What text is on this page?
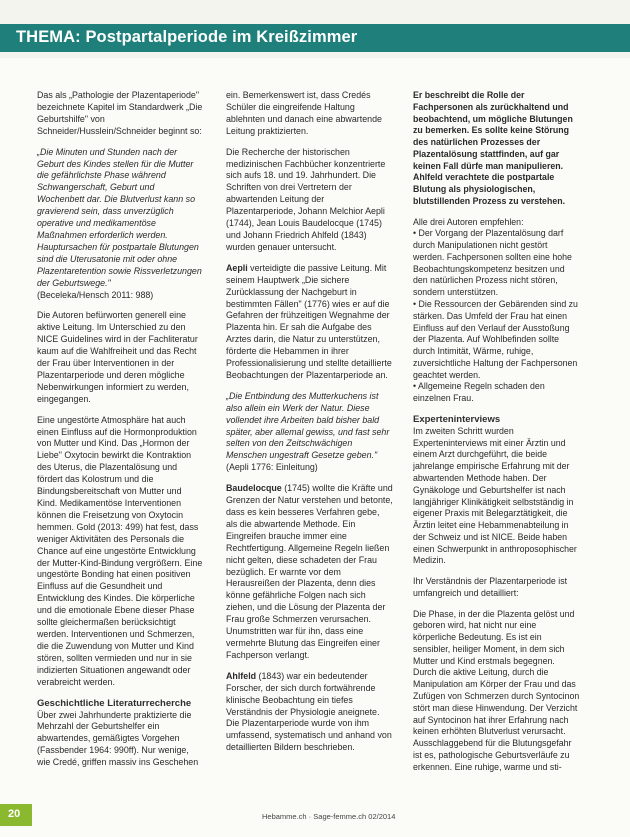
THEMA: Postpartalperiode im Kreißzimmer

Das als „Pathologie der Plazentaperiode" bezeichnete Kapitel im Standardwerk „Die Geburtshilfe" von Schneider/Husslein/Schneider beginnt so:

„Die Minuten und Stunden nach der Geburt des Kindes stellen für die Mutter die gefährlichste Phase während Schwangerschaft, Geburt und Wochenbett dar. Die Blutverlust kann so gravierend sein, dass unverzüglich operative und medikamentöse Maßnahmen erforderlich werden. Hauptursachen für postpartale Blutungen sind die Uterusatonie mit oder ohne Plazentaretention sowie Rissverletzungen der Geburtswege."

(Beceleka/Hensch 2011: 988)

Die Autoren befürworten generell eine aktive Leitung. Im Unterschied zu den NICE Guidelines wird in der Fachliteratur kaum auf die Wahlfreiheit und das Recht der Frau über Interventionen in der Plazentarperiode und deren mögliche Nebenwirkungen informiert zu werden, eingegangen.

Eine ungestörte Atmosphäre hat auch einen Einfluss auf die Hormonproduktion von Mutter und Kind. Das „Hormon der Liebe" Oxytocin bewirkt die Kontraktion des Uterus, die Plazentalösung und fördert das Kolostrum und die Bindungsbereitschaft von Mutter und Kind. Medikamentöse Interventionen können die Freisetzung von Oxytocin hemmen. Gold (2013: 499) hat fest, dass weniger Aktivitäten des Personals die Chance auf eine ungestörte Entwicklung der Mutter-Kind-Bindung vergrößern. Eine ungestörte Bonding hat einen positiven Einfluss auf die Gesundheit und Entwicklung des Kindes. Die körperliche und die emotionale Ebene dieser Phase sollte gleichermaßen berücksichtigt werden. Interventionen und Schmerzen, die die Zuwendung von Mutter und Kind stören, sollten vermieden und nur in sie indizierten Situationen angewandt oder verabreicht werden.

Geschichtliche Literaturrecherche

Über zwei Jahrhunderte praktizierte die Mehrzahl der Geburtshelfer ein abwartendes, gemäßigtes Vorgehen (Fassbender 1964: 990ff). Nur wenige, wie Credé, griffen massiv ins Geschehen

ein. Bemerkenswert ist, dass Credés Schüler die eingreifende Haltung ablehnten und danach eine abwartende Leitung praktizierten.

Die Recherche der historischen medizinischen Fachbücher konzentrierte sich aufs 18. und 19. Jahrhundert. Die Schriften von drei Vertretern der abwartenden Leitung der Plazentarperiode, Johann Melchior Aepli (1744), Jean Louis Baudelocque (1745) und Johann Friedrich Ahlfeld (1843) wurden genauer untersucht.

Aepli verteidigte die passive Leitung. Mit seinem Hauptwerk „Die sichere Zurücklassung der Nachgeburt in bestimmten Fällen" (1776) wies er auf die Gefahren der frühzeitigen Wegnahme der Plazenta hin. Er sah die Aufgabe des Arztes darin, die Natur zu unterstützen, förderte die Hebammen in ihrer Professionalisierung und stellte detaillierte Beobachtungen der Plazentarperiode an.

„Die Entbindung des Mutterkuchens ist also allein ein Werk der Natur. Diese vollendet ihre Arbeiten bald bisher bald später, aber allemal gewiss, und fast sehr selten von den Zeitschwächigen Menschen ungestraft Gesetze geben."

(Aepli 1776: Einleitung)

Baudelocque (1745) wollte die Kräfte und Grenzen der Natur verstehen und betonte, dass es kein besseres Verfahren gebe, als die abwartende Methode. Ein Eingreifen brauche immer eine Rechtfertigung. Allgemeine Regeln ließen nicht gelten, diese schadeten der Frau bezüglich. Er warnte vor dem Herausreißen der Plazenta, denn dies könne gefährliche Folgen nach sich ziehen, und die Lösung der Plazenta der Frau große Schmerzen verursachen. Unumstritten war für ihn, dass eine vermehrte Blutung das Eingreifen einer Fachperson verlangt.

Ahlfeld (1843) war ein bedeutender Forscher, der sich durch fortwährende klinische Beobachtung ein tiefes Verständnis der Physiologie aneignete. Die Plazentarperiode wurde von ihm umfassend, systematisch und anhand von detaillierten Bildern beschrieben.

Er beschreibt die Rolle der Fachpersonen als zurückhaltend und beobachtend, um mögliche Blutungen zu bemerken. Es sollte keine Störung des natürlichen Prozesses der Plazentalösung stattfinden, auf gar keinen Fall dürfe man manipulieren. Ahlfeld verachtete die postpartale Blutung als physiologischen, blutstillenden Prozess zu verstehen.

Alle drei Autoren empfehlen:

• Der Vorgang der Plazentalösung darf durch Manipulationen nicht gestört werden. Fachpersonen sollten eine hohe Beobachtungskompetenz besitzen und den natürlichen Prozess nicht stören, sondern unterstützen.
• Die Ressourcen der Gebärenden sind zu stärken. Das Umfeld der Frau hat einen Einfluss auf den Verlauf der Ausstoßung der Plazenta. Auf Wohlbefinden sollte durch Intimität, Wärme, ruhige, zuversichtliche Haltung der Fachpersonen geachtet werden.
• Allgemeine Regeln schaden den einzelnen Frau.
Experteninterviews

Im zweiten Schritt wurden Experteninterviews mit einer Ärztin und einem Arzt durchgeführt, die beide jahrelange empirische Erfahrung mit der abwartenden Methode haben. Der Gynäkologe und Geburtshelfer ist nach langjähriger Klinikätigkeit selbstständig in eigener Praxis mit Belegarztätigkeit, die Ärztin leitet eine Hebammenabteilung in der Schweiz und ist NICE. Beide haben einen Schwerpunkt in anthroposophischer Medizin.

Ihr Verständnis der Plazentarperiode ist umfangreich und detailliert:

Die Phase, in der die Plazenta gelöst und geboren wird, hat nicht nur eine körperliche Bedeutung. Es ist ein sensibler, heiliger Moment, in dem sich Mutter und Kind erstmals begegnen. Durch die aktive Leitung, durch die Manipulation am Körper der Frau und das Zufügen von Schmerzen durch Syntocinon stört man diese Hinwendung. Der Verzicht auf Syntocinon hat ihrer Erfahrung nach keinen erhöhten Blutverlust verursacht. Ausschlaggebend für die Blutungsgefahr ist es, pathologische Geburtsverläufe zu erkennen. Eine ruhige, warme und sti-

20	Hebamme.ch · Sage-femme.ch 02/2014
